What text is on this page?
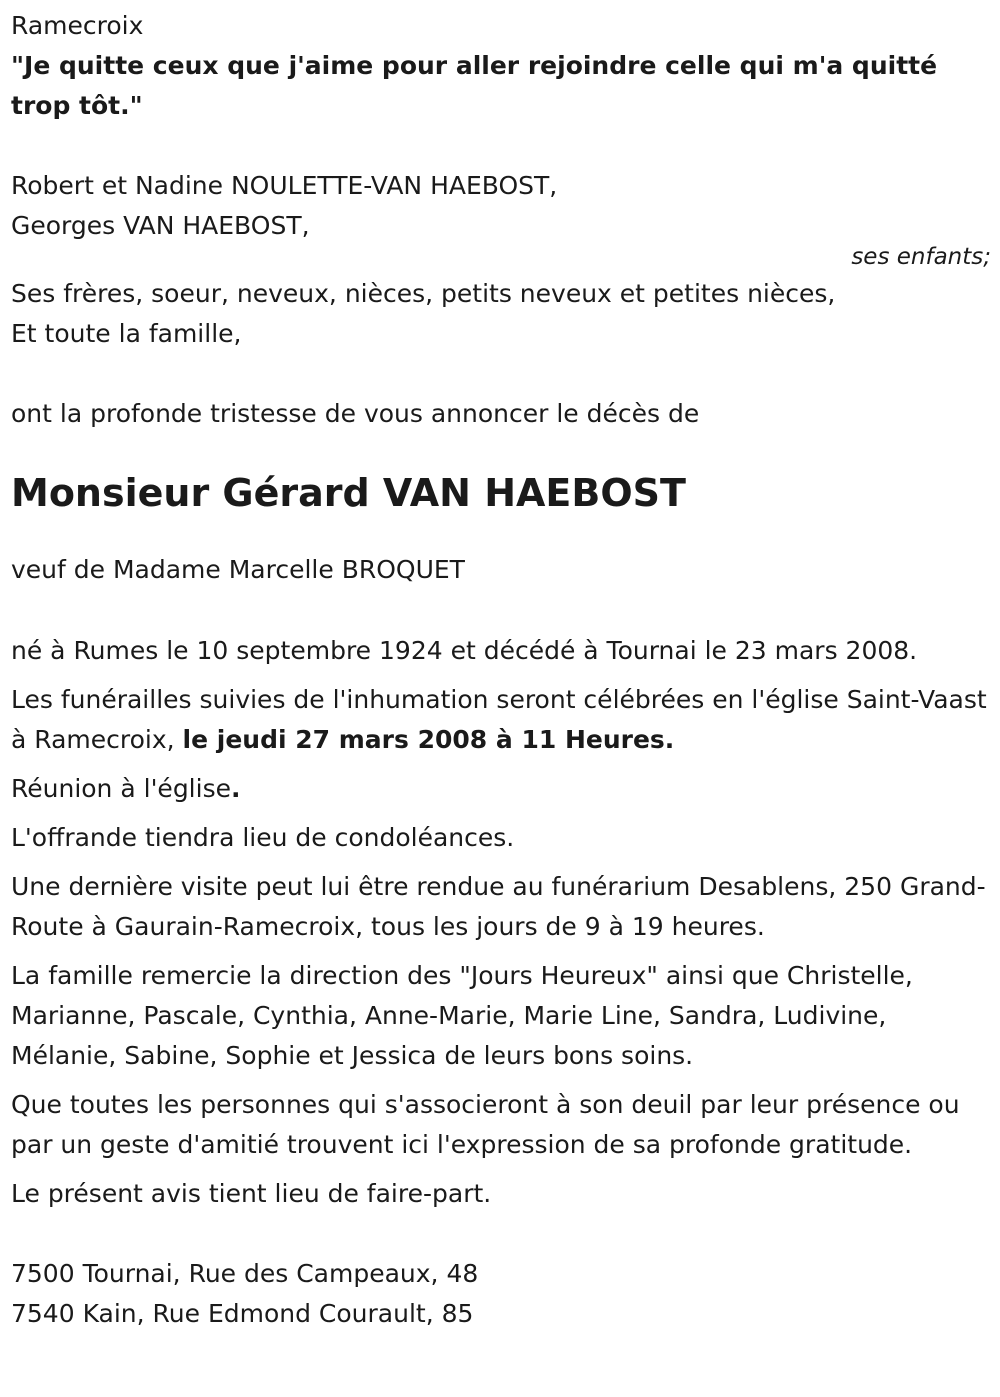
Ramecroix

"Je quitte ceux que j'aime pour aller rejoindre celle qui m'a quitté trop tôt."

Robert et Nadine NOULETTE-VAN HAEBOST,

Georges VAN HAEBOST,

ses enfants;

Ses frères, soeur, neveux, nièces, petits neveux et petites nièces,

Et toute la famille,

ont la profonde tristesse de vous annoncer le décès de

Monsieur Gérard VAN HAEBOST

veuf de Madame Marcelle BROQUET

né à Rumes le 10 septembre 1924 et décédé à Tournai le 23 mars 2008.

Les funérailles suivies de l'inhumation seront célébrées en l'église Saint-Vaast à Ramecroix, le jeudi 27 mars 2008 à 11 Heures.

Réunion à l'église.

L'offrande tiendra lieu de condoléances.

Une dernière visite peut lui être rendue au funérarium Desablens, 250 Grand-Route à Gaurain-Ramecroix, tous les jours de 9 à 19 heures.

La famille remercie la direction des "Jours Heureux" ainsi que Christelle, Marianne, Pascale, Cynthia, Anne-Marie, Marie Line, Sandra, Ludivine, Mélanie, Sabine, Sophie et Jessica de leurs bons soins.

Que toutes les personnes qui s'associeront à son deuil par leur présence ou par un geste d'amitié trouvent ici l'expression de sa profonde gratitude.

Le présent avis tient lieu de faire-part.

7500 Tournai, Rue des Campeaux, 48

7540 Kain, Rue Edmond Courault, 85
